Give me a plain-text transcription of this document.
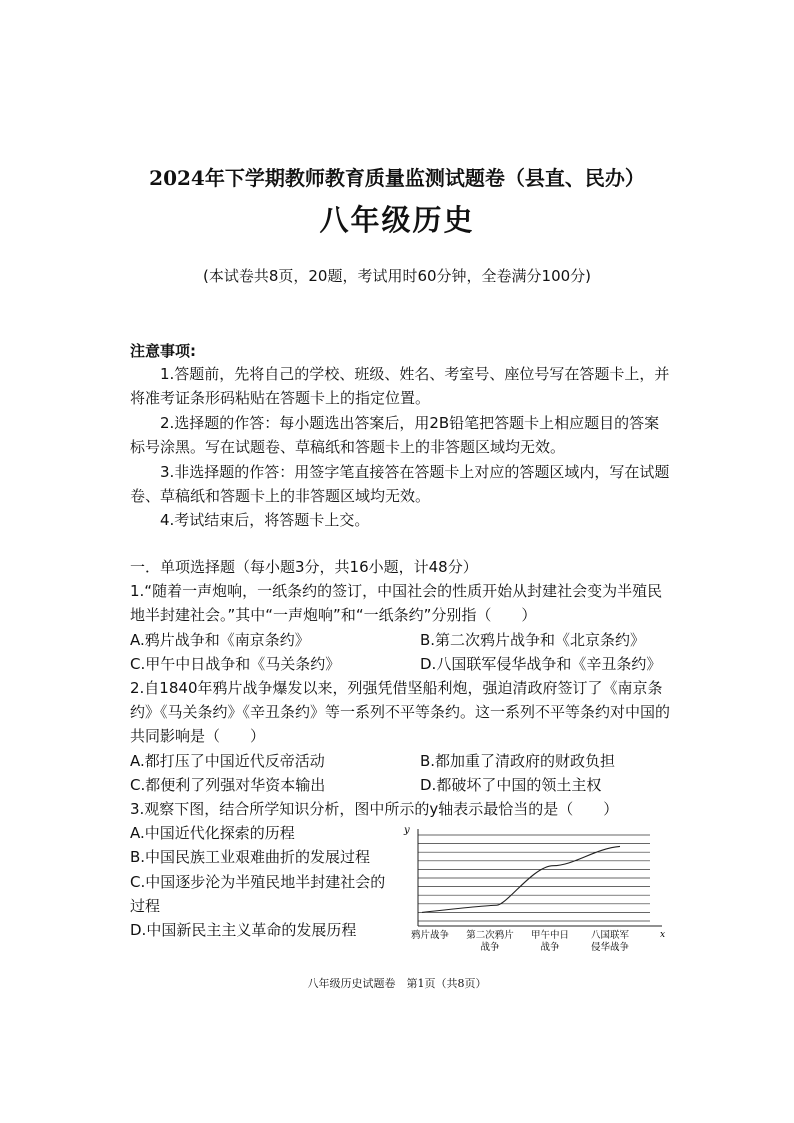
2024年下学期教师教育质量监测试题卷（县直、民办）
八年级历史
(本试卷共8页，20题，考试用时60分钟，全卷满分100分)
注意事项:

1.答题前，先将自己的学校、班级、姓名、考室号、座位号写在答题卡上，并将准考证条形码粘贴在答题卡上的指定位置。

2.选择题的作答：每小题选出答案后，用2B铅笔把答题卡上相应题目的答案标号涂黑。写在试题卷、草稿纸和答题卡上的非答题区域均无效。

3.非选择题的作答：用签字笔直接答在答题卡上对应的答题区域内，写在试题卷、草稿纸和答题卡上的非答题区域均无效。

4.考试结束后，将答题卡上交。

一．单项选择题（每小题3分，共16小题，计48分）

1.“随着一声炮响，一纸条约的签订，中国社会的性质开始从封建社会变为半殖民地半封建社会。”其中“一声炮响”和“一纸条约”分别指（　　）

A.鸦片战争和《南京条约》	B.第二次鸦片战争和《北京条约》
C.甲午中日战争和《马关条约》	D.八国联军侵华战争和《辛丑条约》

2.自1840年鸦片战争爆发以来，列强凭借坚船利炮，强迫清政府签订了《南京条约》《马关条约》《辛丑条约》等一系列不平等条约。这一系列不平等条约对中国的共同影响是（　　）

A.都打压了中国近代反帝活动	B.都加重了清政府的财政负担
C.都便利了列强对华资本输出	D.都破坏了中国的领土主权

3.观察下图，结合所学知识分析，图中所示的y轴表示最恰当的是（　　）

A.中国近代化探索的历程

B.中国民族工业艰难曲折的发展过程

C.中国逐步沦为半殖民地半封建社会的过程

D.中国新民主主义革命的发展历程

y
x
鸦片战争 第二次鸦片
战争
甲午中日
战争
八国联军
侵华战争
八年级历史试题卷　第1页（共8页）
